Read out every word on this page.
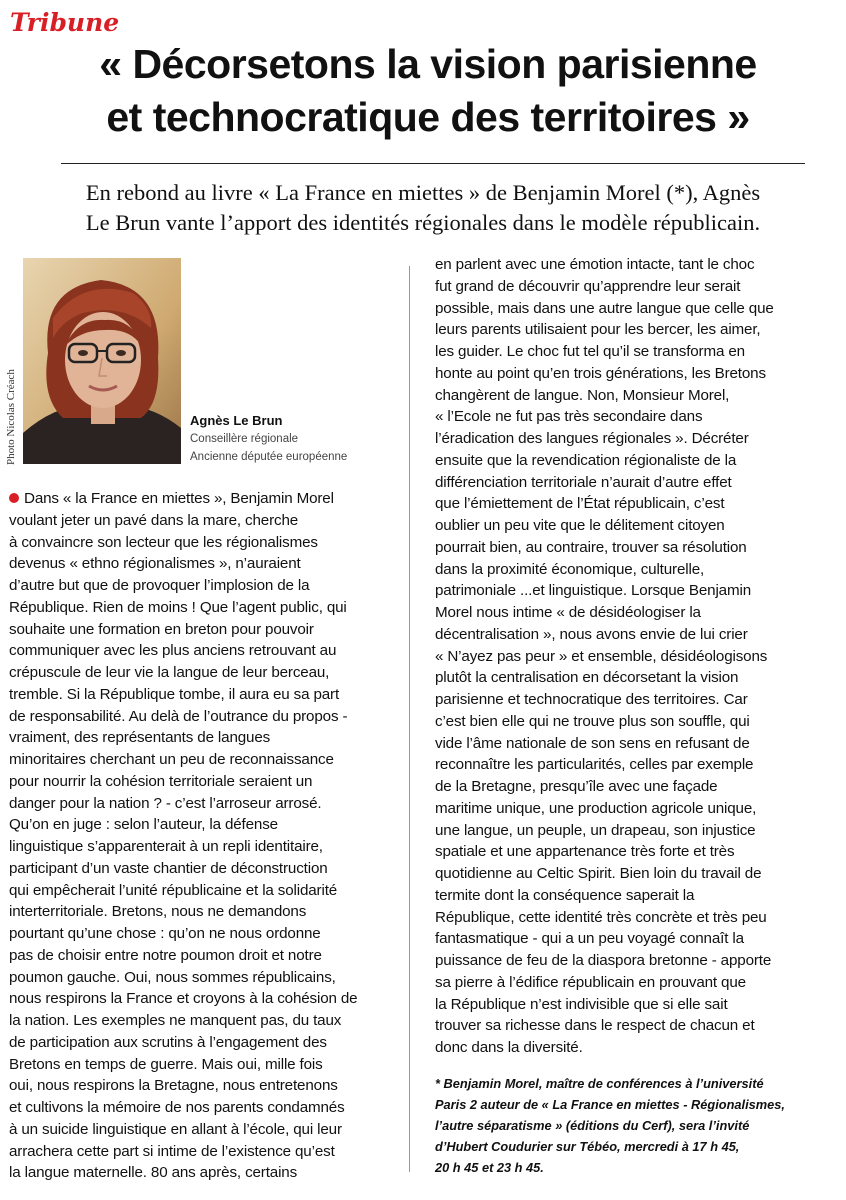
Tribune
« Décorsetons la vision parisienne
et technocratique des territoires »
En rebond au livre « La France en miettes » de Benjamin Morel (*), Agnès
Le Brun vante l’apport des identités régionales dans le modèle républicain.
Photo Nicolas Créach	Agnès Le Brun
Conseillère régionale
Ancienne députée européenne
Dans « la France en miettes », Benjamin Morel
voulant jeter un pavé dans la mare, cherche
à convaincre son lecteur que les régionalismes
devenus « ethno régionalismes », n’auraient
d’autre but que de provoquer l’implosion de la
République. Rien de moins ! Que l’agent public, qui
souhaite une formation en breton pour pouvoir
communiquer avec les plus anciens retrouvant au
crépuscule de leur vie la langue de leur berceau,
tremble. Si la République tombe, il aura eu sa part
de responsabilité. Au delà de l’outrance du propos -
vraiment, des représentants de langues
minoritaires cherchant un peu de reconnaissance
pour nourrir la cohésion territoriale seraient un
danger pour la nation ? - c’est l’arroseur arrosé.
Qu’on en juge : selon l’auteur, la défense
linguistique s’apparenterait à un repli identitaire,
participant d’un vaste chantier de déconstruction
qui empêcherait l’unité républicaine et la solidarité
interterritoriale. Bretons, nous ne demandons
pourtant qu’une chose : qu’on ne nous ordonne
pas de choisir entre notre poumon droit et notre
poumon gauche. Oui, nous sommes républicains,
nous respirons la France et croyons à la cohésion de
la nation. Les exemples ne manquent pas, du taux
de participation aux scrutins à l’engagement des
Bretons en temps de guerre. Mais oui, mille fois
oui, nous respirons la Bretagne, nous entretenons
et cultivons la mémoire de nos parents condamnés
à un suicide linguistique en allant à l’école, qui leur
arrachera cette part si intime de l’existence qu’est
la langue maternelle. 80 ans après, certains
en parlent avec une émotion intacte, tant le choc
fut grand de découvrir qu’apprendre leur serait
possible, mais dans une autre langue que celle que
leurs parents utilisaient pour les bercer, les aimer,
les guider. Le choc fut tel qu’il se transforma en
honte au point qu’en trois générations, les Bretons
changèrent de langue. Non, Monsieur Morel,
« l’Ecole ne fut pas très secondaire dans
l’éradication des langues régionales ». Décréter
ensuite que la revendication régionaliste de la
différenciation territoriale n’aurait d’autre effet
que l’émiettement de l’État républicain, c’est
oublier un peu vite que le délitement citoyen
pourrait bien, au contraire, trouver sa résolution
dans la proximité économique, culturelle,
patrimoniale ...et linguistique. Lorsque Benjamin
Morel nous intime « de désidéologiser la
décentralisation », nous avons envie de lui crier
« N’ayez pas peur » et ensemble, désidéologisons
plutôt la centralisation en décorsetant la vision
parisienne et technocratique des territoires. Car
c’est bien elle qui ne trouve plus son souffle, qui
vide l’âme nationale de son sens en refusant de
reconnaître les particularités, celles par exemple
de la Bretagne, presqu’île avec une façade
maritime unique, une production agricole unique,
une langue, un peuple, un drapeau, son injustice
spatiale et une appartenance très forte et très
quotidienne au Celtic Spirit. Bien loin du travail de
termite dont la conséquence saperait la
République, cette identité très concrète et très peu
fantasmatique - qui a un peu voyagé connaît la
puissance de feu de la diaspora bretonne - apporte
sa pierre à l’édifice républicain en prouvant que
la République n’est indivisible que si elle sait
trouver sa richesse dans le respect de chacun et
donc dans la diversité.
* Benjamin Morel, maître de conférences à l’université
Paris 2 auteur de « La France en miettes - Régionalismes,
l’autre séparatisme » (éditions du Cerf), sera l’invité
d’Hubert Coudurier sur Tébéo, mercredi à 17 h 45,
20 h 45 et 23 h 45.
